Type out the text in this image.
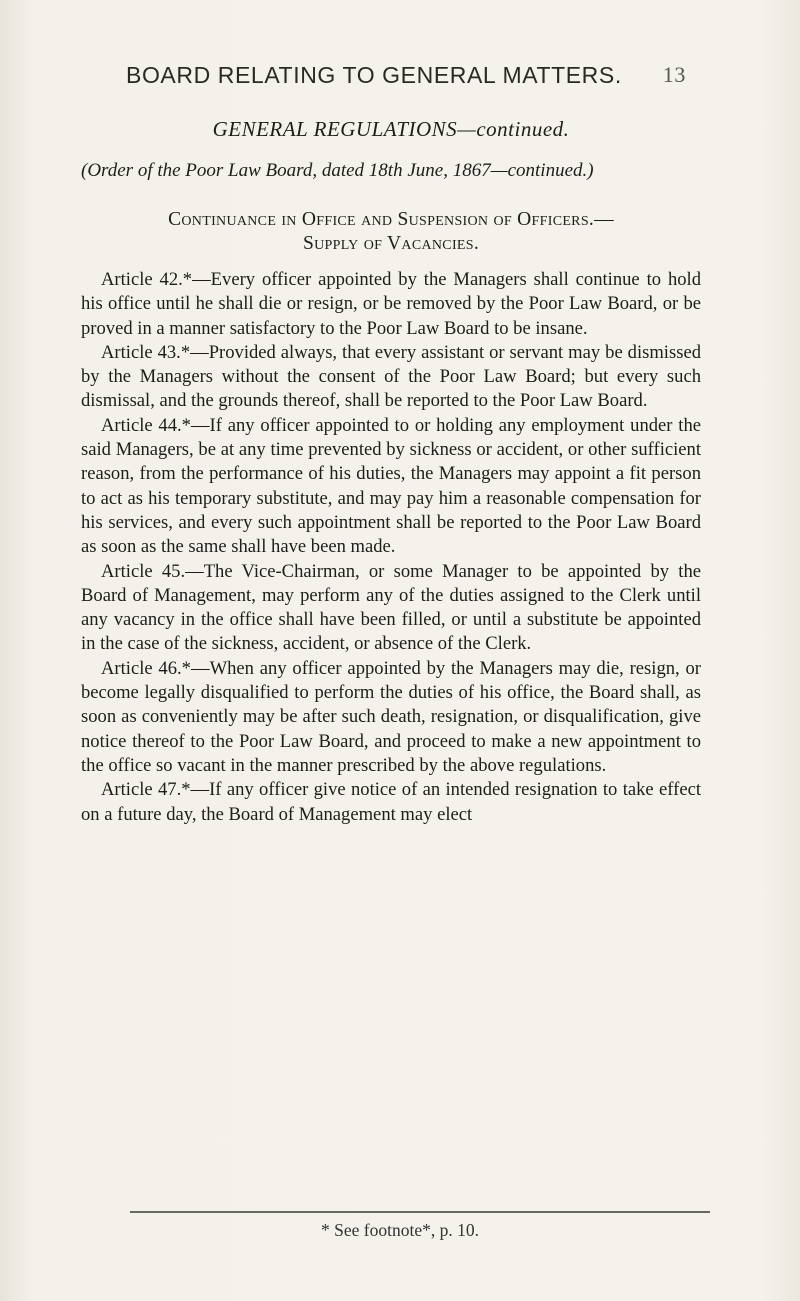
BOARD RELATING TO GENERAL MATTERS. 13
GENERAL REGULATIONS—continued.
(Order of the Poor Law Board, dated 18th June, 1867—continued.)
Continuance in Office and Suspension of Officers.—
Supply of Vacancies.

Article 42.*—Every officer appointed by the Managers shall continue to hold his office until he shall die or resign, or be removed by the Poor Law Board, or be proved in a manner satisfactory to the Poor Law Board to be insane.

Article 43.*—Provided always, that every assistant or servant may be dismissed by the Managers without the consent of the Poor Law Board; but every such dismissal, and the grounds thereof, shall be reported to the Poor Law Board.

Article 44.*—If any officer appointed to or holding any employment under the said Managers, be at any time prevented by sickness or accident, or other sufficient reason, from the performance of his duties, the Managers may appoint a fit person to act as his temporary substitute, and may pay him a reasonable compensation for his services, and every such appointment shall be reported to the Poor Law Board as soon as the same shall have been made.

Article 45.—The Vice-Chairman, or some Manager to be appointed by the Board of Management, may perform any of the duties assigned to the Clerk until any vacancy in the office shall have been filled, or until a substitute be appointed in the case of the sickness, accident, or absence of the Clerk.

Article 46.*—When any officer appointed by the Managers may die, resign, or become legally disqualified to perform the duties of his office, the Board shall, as soon as conveniently may be after such death, resignation, or disqualification, give notice thereof to the Poor Law Board, and proceed to make a new appointment to the office so vacant in the manner prescribed by the above regulations.

Article 47.*—If any officer give notice of an intended resignation to take effect on a future day, the Board of Management may elect

* See footnote*, p. 10.
